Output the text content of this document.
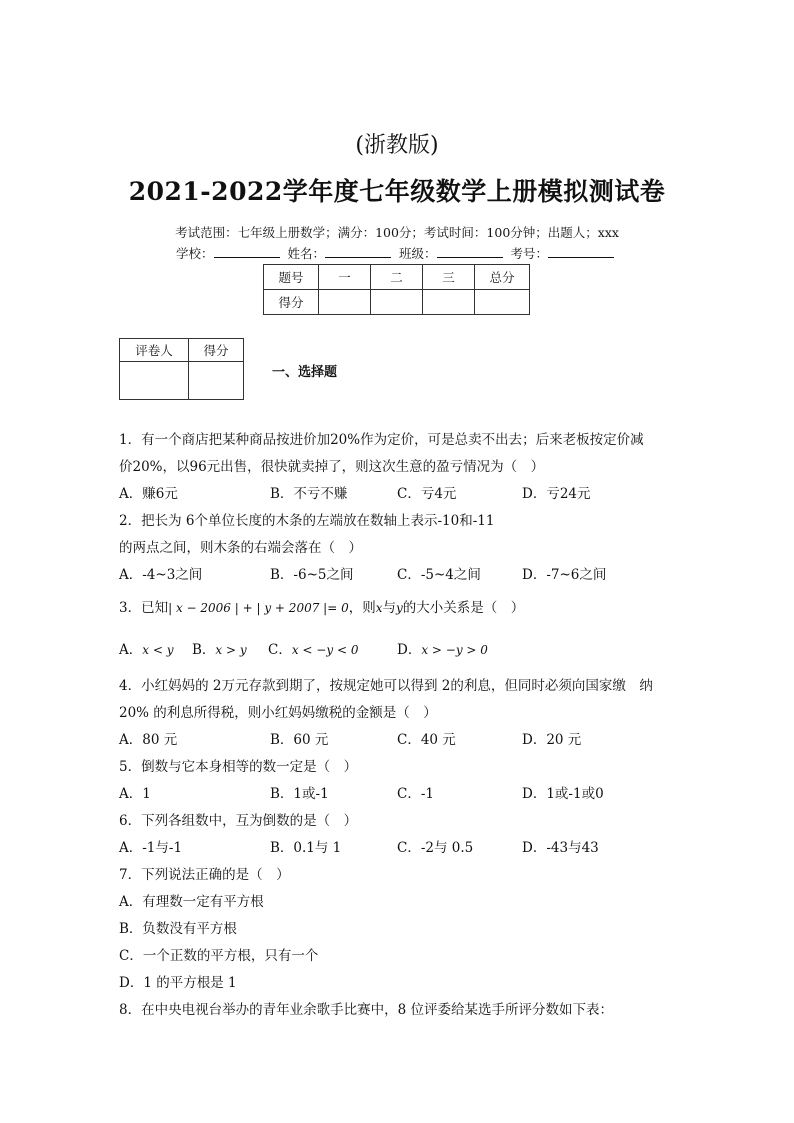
(浙教版)
2021-2022学年度七年级数学上册模拟测试卷
考试范围：七年级上册数学；满分：100分；考试时间：100分钟；出题人；xxx
学校：	姓名：	班级：	考号：
题号	一	二	三	总分
得分				
评卷人	得分

一、选择题
1．有一个商店把某种商品按进价加20%作为定价，可是总卖不出去；后来老板按定价减
价20%，以96元出售，很快就卖掉了，则这次生意的盈亏情况为（　）
A．赚6元	B．不亏不赚	C．亏4元	D．亏24元
2．把长为 6个单位长度的木条的左端放在数轴上表示-10和-11
的两点之间，则木条的右端会落在（　）
A．-4~3之间	B．-6~5之间	C．-5~4之间	D．-7~6之间
3．已知| x − 2006 | + | y + 2007 |= 0，则x与y的大小关系是（　）
A．x < y B．x > y C．x < −y < 0	D．x > −y > 0
4．小红妈妈的 2万元存款到期了，按规定她可以得到 2的利息，但同时必须向国家缴　纳
20% 的利息所得税，则小红妈妈缴税的金额是（　）
A．80 元	B．60 元	C．40 元	D．20 元
5．倒数与它本身相等的数一定是（　）
A．1	B．1或-1	C．-1	D．1或-1或0
6．下列各组数中，互为倒数的是（　）
A．-1与-1	B．0.1与 1	C．-2与 0.5	D．-43与43
7．下列说法正确的是（　）
A．有理数一定有平方根
B．负数没有平方根
C．一个正数的平方根，只有一个
D．1 的平方根是 1
8．在中央电视台举办的青年业余歌手比赛中，8 位评委给某选手所评分数如下表：
